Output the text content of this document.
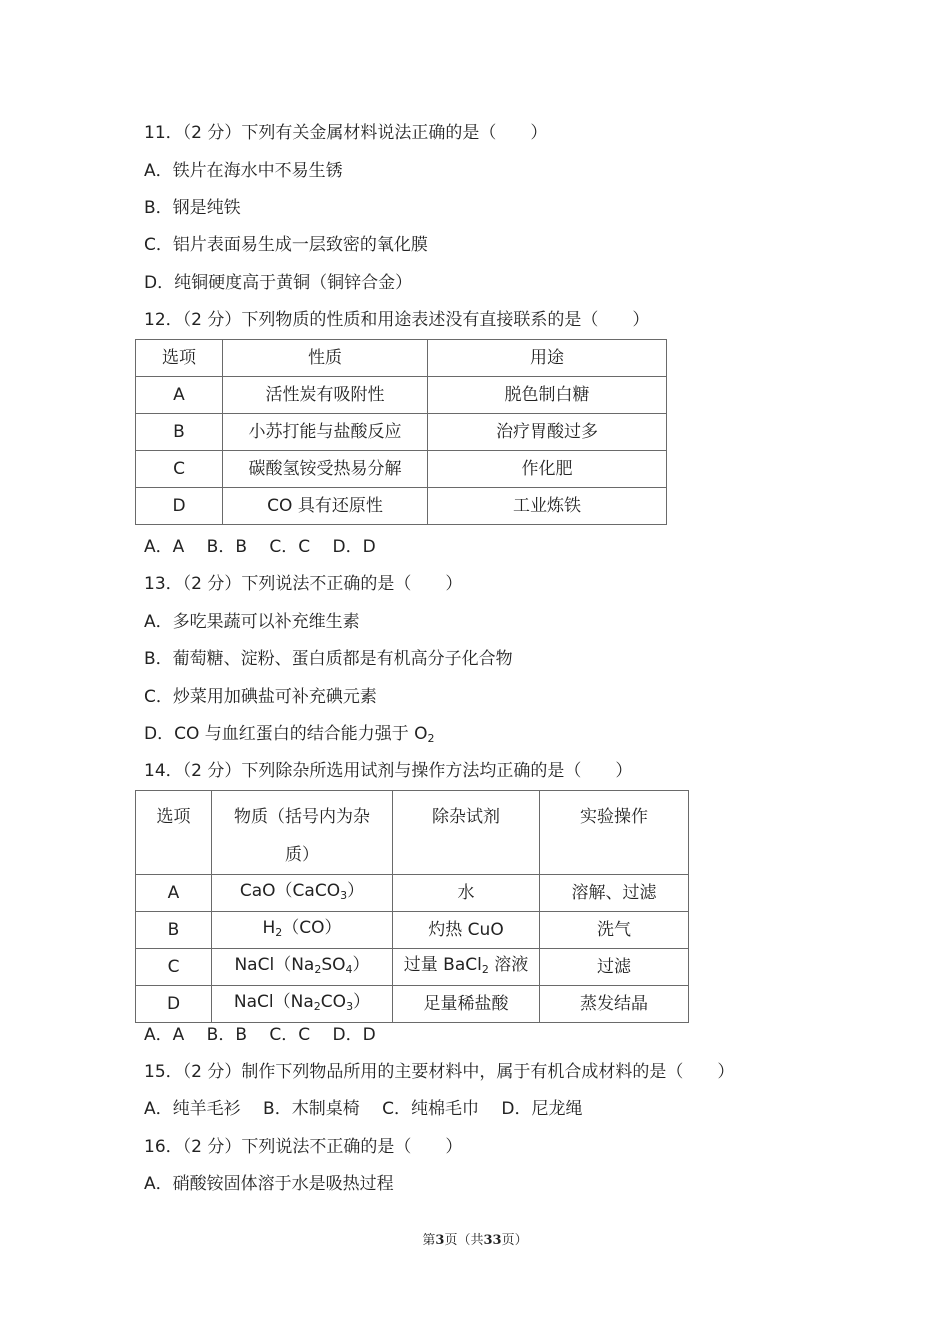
11．（2 分）下列有关金属材料说法正确的是（　　）
A．铁片在海水中不易生锈
B．钢是纯铁
C．铝片表面易生成一层致密的氧化膜
D．纯铜硬度高于黄铜（铜锌合金）
12．（2 分）下列物质的性质和用途表述没有直接联系的是（　　）
选项	性质	用途
A	活性炭有吸附性	脱色制白糖
B	小苏打能与盐酸反应	治疗胃酸过多
C	碳酸氢铵受热易分解	作化肥
D	CO 具有还原性	工业炼铁
A．A　 B．B　 C．C　 D．D
13．（2 分）下列说法不正确的是（　　）
A．多吃果蔬可以补充维生素
B．葡萄糖、淀粉、蛋白质都是有机高分子化合物
C．炒菜用加碘盐可补充碘元素
D．CO 与血红蛋白的结合能力强于 $O_2$
14．（2 分）下列除杂所选用试剂与操作方法均正确的是（　　）
选项	物质（括号内为杂质）	除杂试剂	实验操作
A	CaO（CaCO$_3$）	水	溶解、过滤
B	$H_2(CO)$	灼热 CuO	洗气
C	$NaCl(Na_2SO_4)$	过量 BaCl$_2$ 溶液	过滤
D	$NaCl(Na_2CO_3)$	足量稀盐酸	蒸发结晶
A．A　 B．B　 C．C　 D．D
15．（2 分）制作下列物品所用的主要材料中，属于有机合成材料的是（　　）
A．纯羊毛衫　 B．木制桌椅　 C．纯棉毛巾　 D．尼龙绳
16．（2 分）下列说法不正确的是（　　）
A．硝酸铵固体溶于水是吸热过程
第3页（共33页）
